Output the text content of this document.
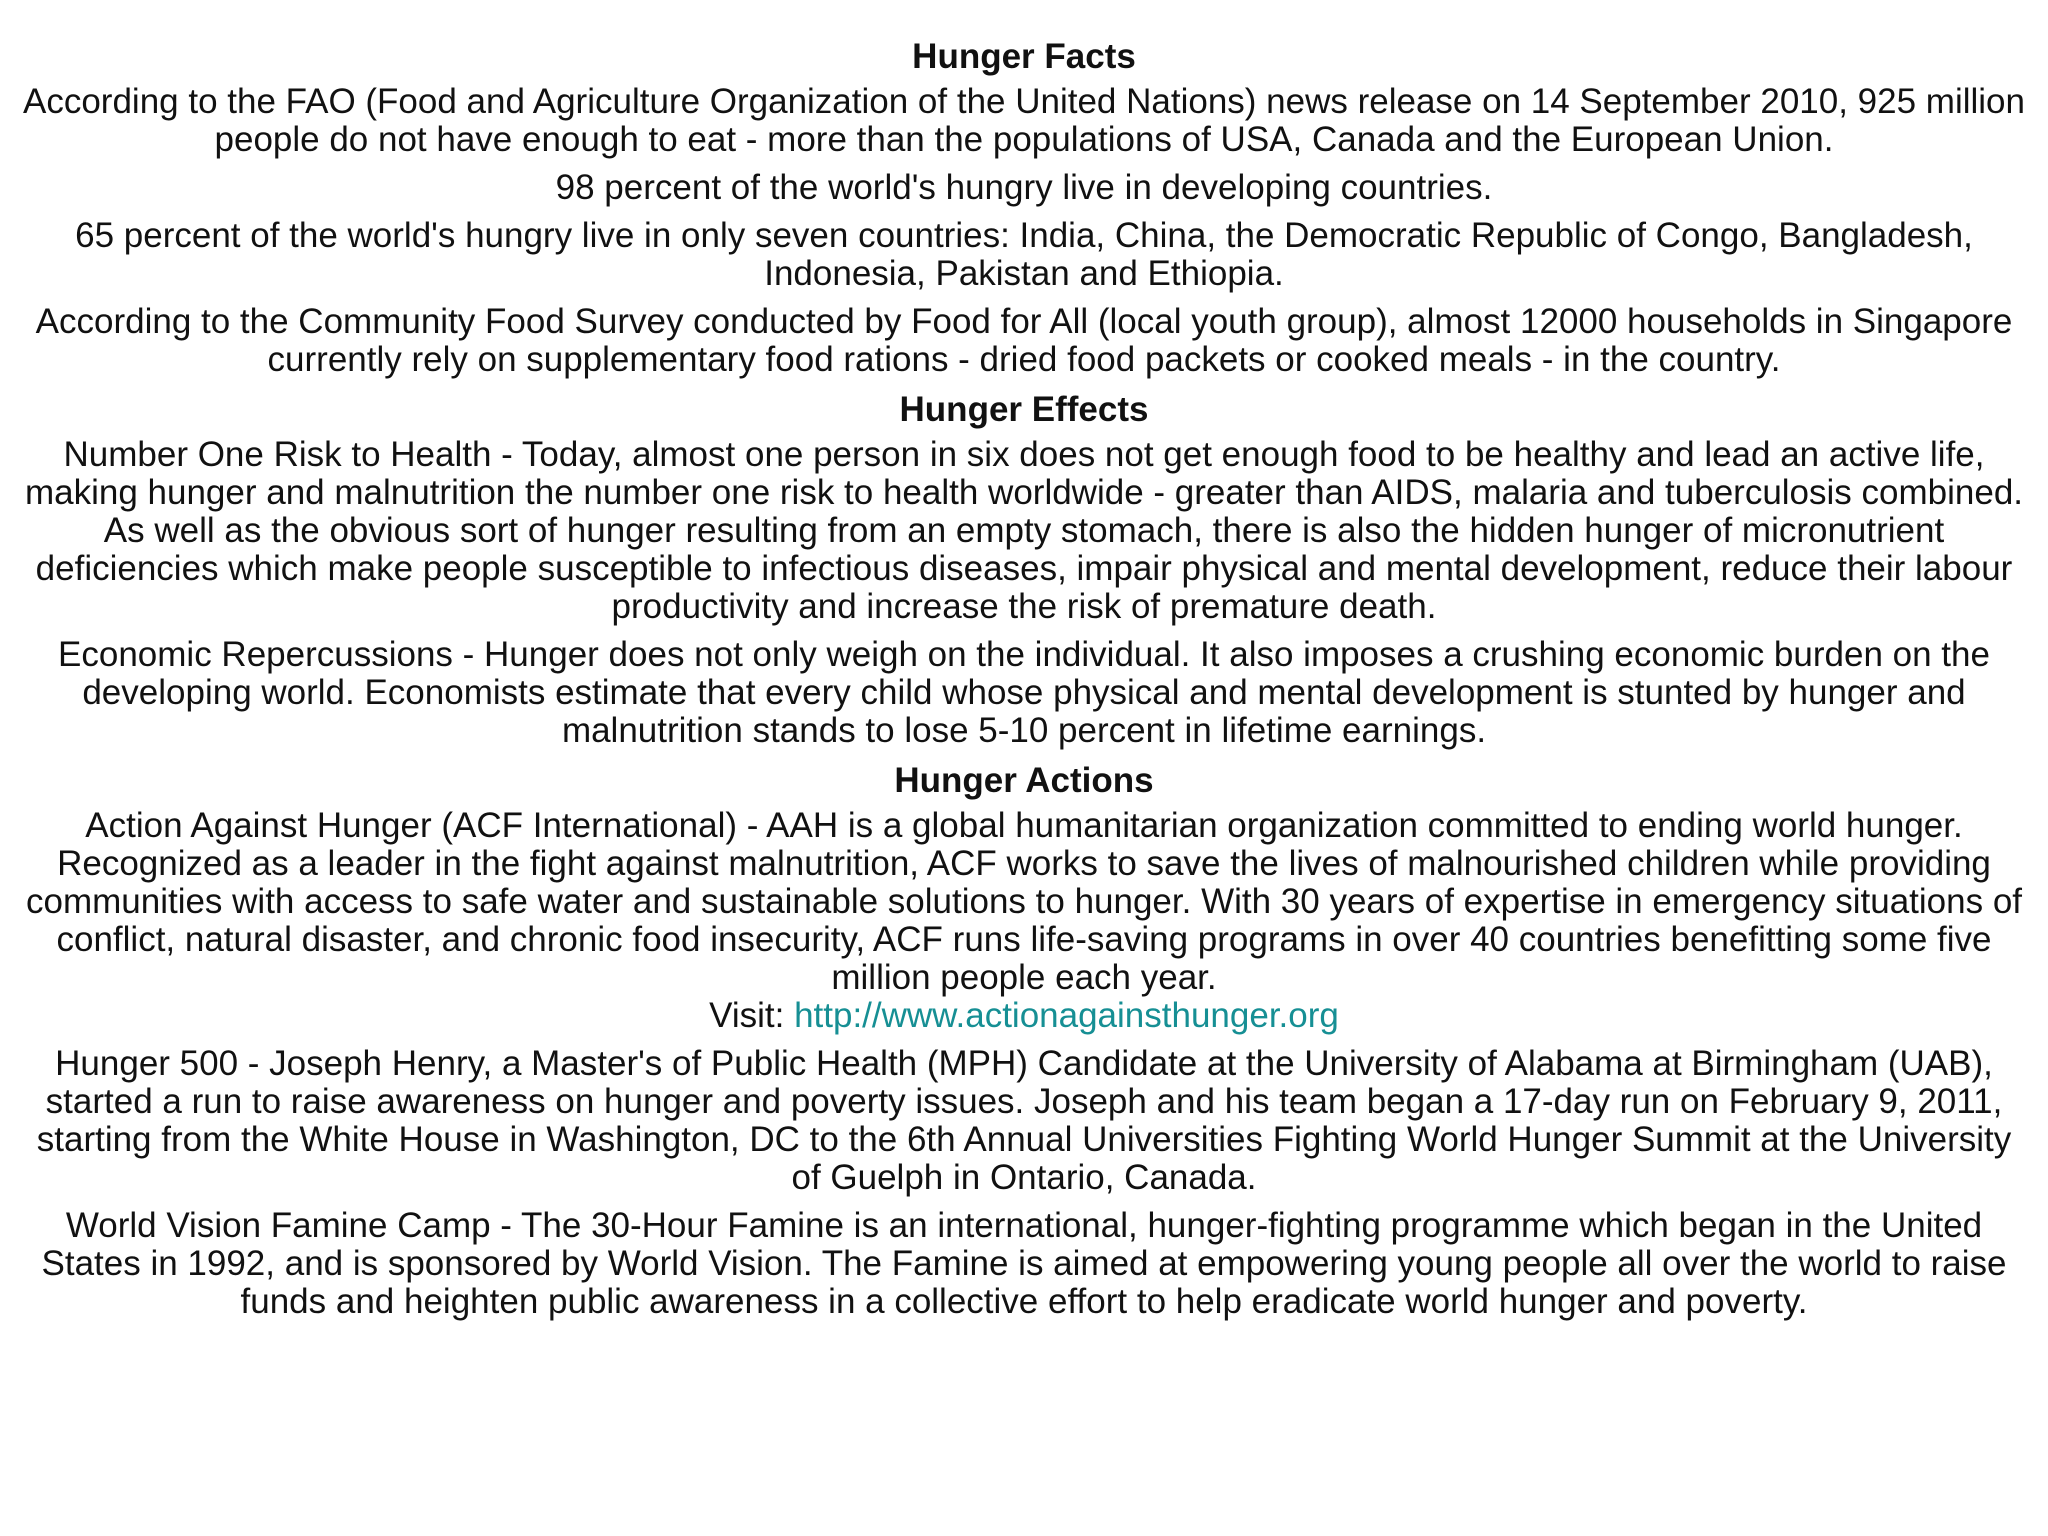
Hunger Facts

According to the FAO (Food and Agriculture Organization of the United Nations) news release on 14 September 2010, 925 million people do not have enough to eat - more than the populations of USA, Canada and the European Union.

98 percent of the world's hungry live in developing countries.

65 percent of the world's hungry live in only seven countries: India, China, the Democratic Republic of Congo, Bangladesh, Indonesia, Pakistan and Ethiopia.

According to the Community Food Survey conducted by Food for All (local youth group), almost 12000 households in Singapore currently rely on supplementary food rations - dried food packets or cooked meals - in the country.

Hunger Effects

Number One Risk to Health - Today, almost one person in six does not get enough food to be healthy and lead an active life, making hunger and malnutrition the number one risk to health worldwide - greater than AIDS, malaria and tuberculosis combined. As well as the obvious sort of hunger resulting from an empty stomach, there is also the hidden hunger of micronutrient deficiencies which make people susceptible to infectious diseases, impair physical and mental development, reduce their labour productivity and increase the risk of premature death.

Economic Repercussions - Hunger does not only weigh on the individual. It also imposes a crushing economic burden on the developing world. Economists estimate that every child whose physical and mental development is stunted by hunger and malnutrition stands to lose 5-10 percent in lifetime earnings.

Hunger Actions
Action Against Hunger (ACF International) - AAH is a global humanitarian organization committed to ending world hunger. Recognized as a leader in the fight against malnutrition, ACF works to save the lives of malnourished children while providing communities with access to safe water and sustainable solutions to hunger. With 30 years of expertise in emergency situations of conflict, natural disaster, and chronic food insecurity, ACF runs life-saving programs in over 40 countries benefitting some five million people each year.
Visit: http://www.actionagainsthunger.org

Hunger 500 - Joseph Henry, a Master's of Public Health (MPH) Candidate at the University of Alabama at Birmingham (UAB), started a run to raise awareness on hunger and poverty issues. Joseph and his team began a 17-day run on February 9, 2011, starting from the White House in Washington, DC to the 6th Annual Universities Fighting World Hunger Summit at the University of Guelph in Ontario, Canada.

World Vision Famine Camp - The 30-Hour Famine is an international, hunger-fighting programme which began in the United States in 1992, and is sponsored by World Vision. The Famine is aimed at empowering young people all over the world to raise funds and heighten public awareness in a collective effort to help eradicate world hunger and poverty.
